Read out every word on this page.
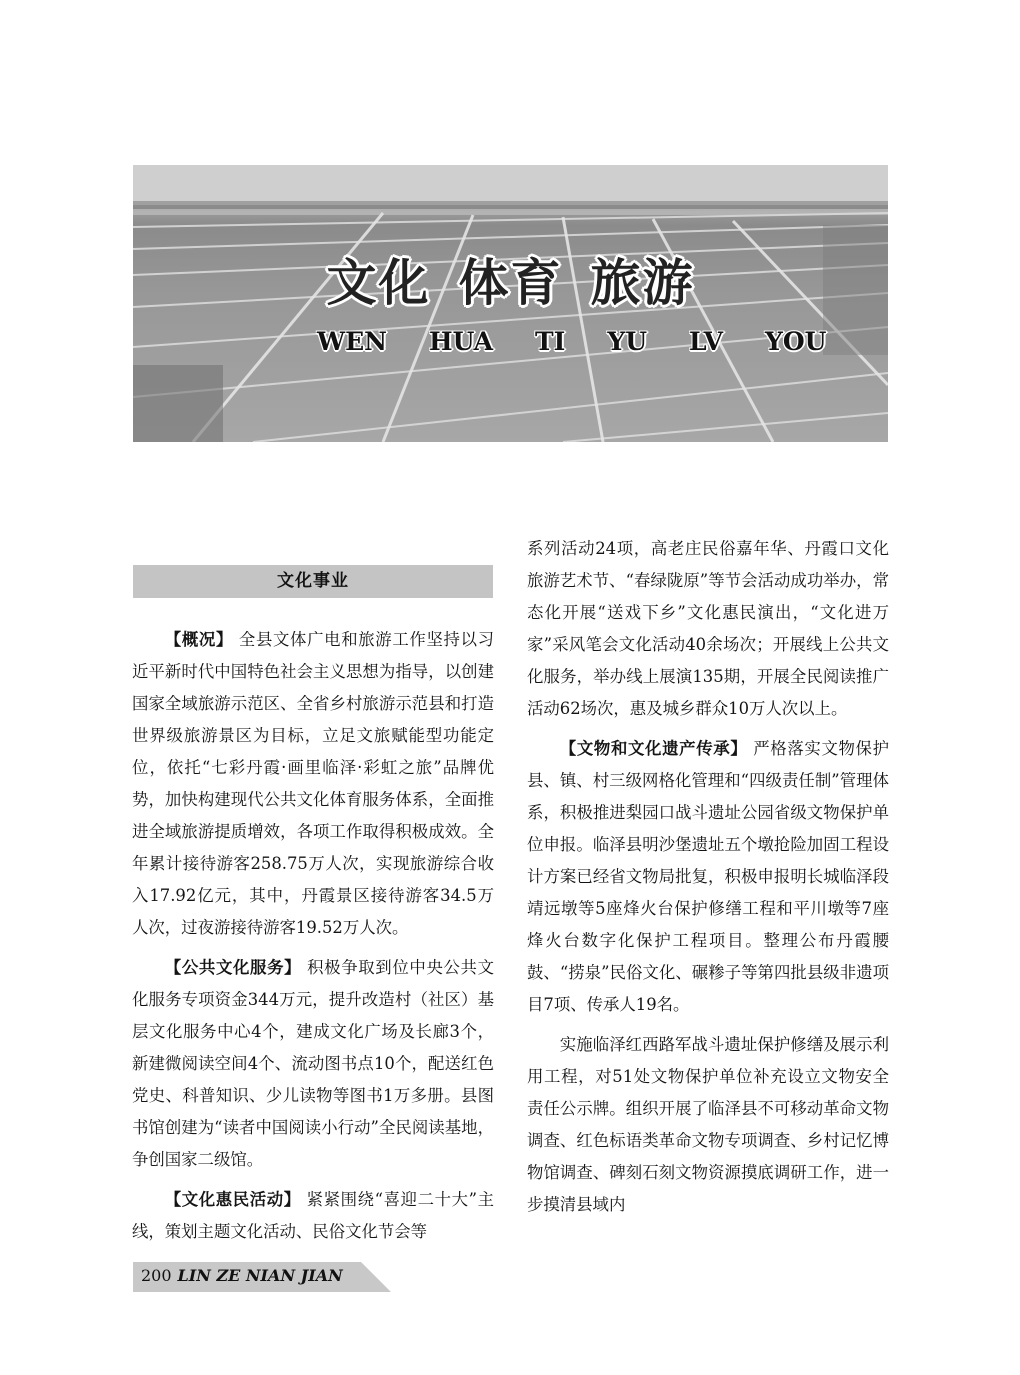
文化 体育 旅游
WEN HUA TI YU LV YOU
文化事业

【概况】 全县文体广电和旅游工作坚持以习近平新时代中国特色社会主义思想为指导，以创建国家全域旅游示范区、全省乡村旅游示范县和打造世界级旅游景区为目标，立足文旅赋能型功能定位，依托“七彩丹霞·画里临泽·彩虹之旅”品牌优势，加快构建现代公共文化体育服务体系，全面推进全域旅游提质增效，各项工作取得积极成效。全年累计接待游客258.75万人次，实现旅游综合收入17.92亿元，其中，丹霞景区接待游客34.5万人次，过夜游接待游客19.52万人次。

【公共文化服务】 积极争取到位中央公共文化服务专项资金344万元，提升改造村（社区）基层文化服务中心4个，建成文化广场及长廊3个，新建微阅读空间4个、流动图书点10个，配送红色党史、科普知识、少儿读物等图书1万多册。县图书馆创建为“读者中国阅读小行动”全民阅读基地，争创国家二级馆。

【文化惠民活动】 紧紧围绕“喜迎二十大”主线，策划主题文化活动、民俗文化节会等

系列活动24项，高老庄民俗嘉年华、丹霞口文化旅游艺术节、“春绿陇原”等节会活动成功举办，常态化开展“送戏下乡”文化惠民演出，“文化进万家”采风笔会文化活动40余场次；开展线上公共文化服务，举办线上展演135期，开展全民阅读推广活动62场次，惠及城乡群众10万人次以上。

【文物和文化遗产传承】 严格落实文物保护县、镇、村三级网格化管理和“四级责任制”管理体系，积极推进梨园口战斗遗址公园省级文物保护单位申报。临泽县明沙堡遗址五个墩抢险加固工程设计方案已经省文物局批复，积极申报明长城临泽段靖远墩等5座烽火台保护修缮工程和平川墩等7座烽火台数字化保护工程项目。整理公布丹霞腰鼓、“捞泉”民俗文化、碾糁子等第四批县级非遗项目7项、传承人19名。

实施临泽红西路军战斗遗址保护修缮及展示利用工程，对51处文物保护单位补充设立文物安全责任公示牌。组织开展了临泽县不可移动革命文物调查、红色标语类革命文物专项调查、乡村记忆博物馆调查、碑刻石刻文物资源摸底调研工作，进一步摸清县域内

200 LIN ZE NIAN JIAN
